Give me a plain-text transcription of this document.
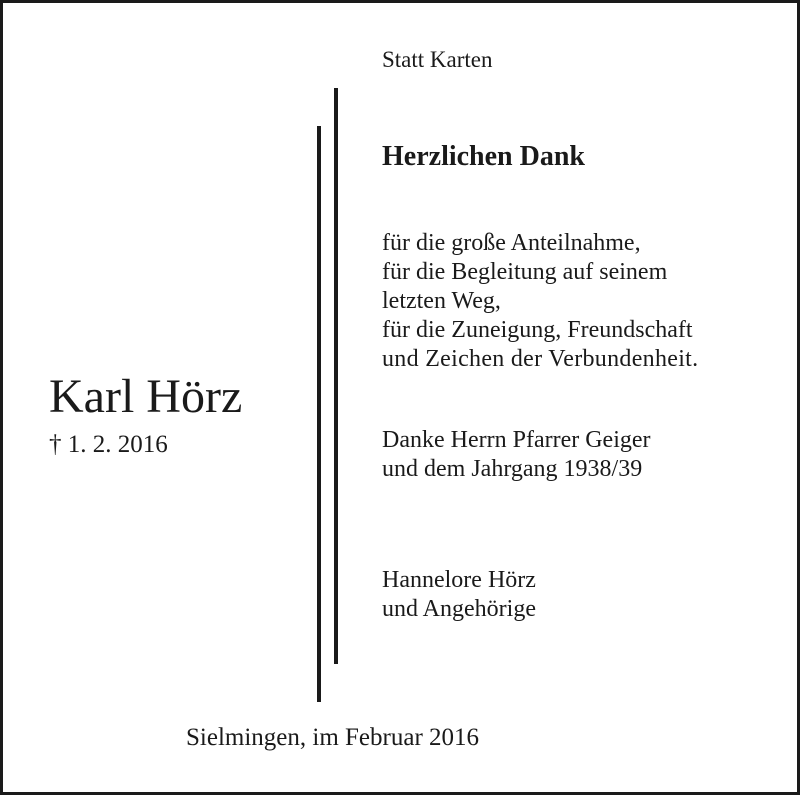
Statt Karten
Herzlichen Dank
Karl Hörz
† 1. 2. 2016
für die große Anteilnahme,
für die Begleitung auf seinem
letzten Weg,
für die Zuneigung, Freundschaft
und Zeichen der Verbundenheit.
Danke Herrn Pfarrer Geiger
und dem Jahrgang 1938/39
Hannelore Hörz
und Angehörige
Sielmingen, im Februar 2016
